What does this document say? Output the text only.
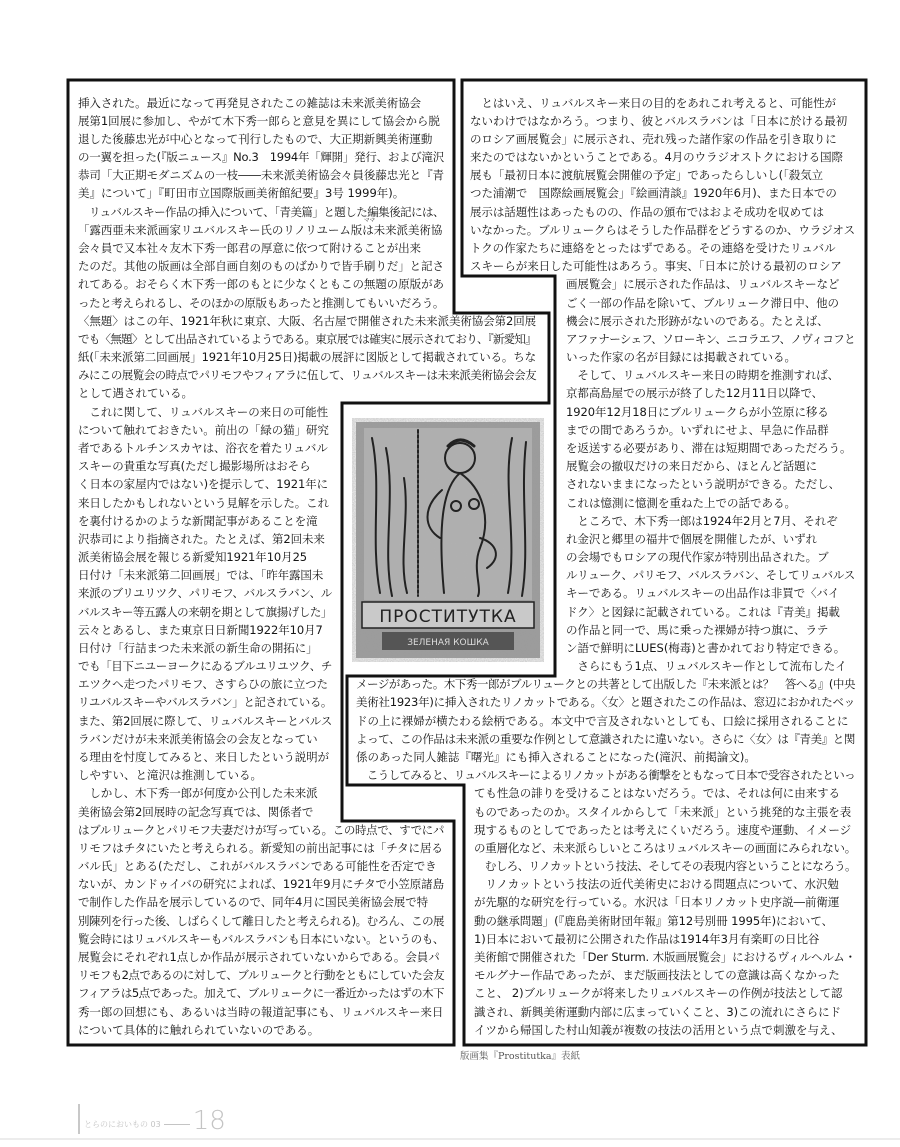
挿入された。最近になって再発見されたこの雑誌は未来派美術協会
展第1回展に参加し、やがて木下秀一郎らと意見を異にして協会から脱
退した後藤忠光が中心となって刊行したもので、大正期新興美術運動
の一翼を担った(『版ニュース』No.3　1994年「輝開」発行、および滝沢
恭司「大正期モダニズムの一枝――未来派美術協会々員後藤忠光と『青
美』について」『町田市立国際版画美術館紀要』3号 1999年)。
　リュバルスキー作品の挿入について、「青美篇」と題した編集後記には、
「露西亜未来派画家リユバルスキー氏のリノリユーム版は未来派美術協
会々員で又本社々友木下秀一郎君の厚意に依つて附けることが出来
たのだ。其他の版画は全部自画自刻のものばかりで皆手刷りだ」と記さ
れてある。おそらく木下秀一郎のもとに少なくともこの無題の原版があ
ったと考えられるし、そのほかの原版もあったと推測してもいいだろう。
〈無題〉はこの年、1921年秋に東京、大阪、名古屋で開催された未来派美術協会第2回展
でも〈無題〉として出品されているようである。東京展では確実に展示されており、『新愛知』
紙(「未来派第二回画展」1921年10月25日)掲載の展評に図版として掲載されている。ちな
みにこの展覧会の時点でパリモフやフィアラに伍して、リュバルスキーは未来派美術協会会友
として遇されている。
　これに関して、リュバルスキーの来日の可能性
について触れておきたい。前出の「緑の猫」研究
者であるトルチンスカヤは、浴衣を着たリュバル
スキーの貴重な写真(ただし撮影場所はおそら
く日本の家屋内ではない)を提示して、1921年に
来日したかもしれないという見解を示した。これ
を裏付けるかのような新聞記事があることを滝
沢恭司により指摘された。たとえば、第2回未来
派美術協会展を報じる新愛知1921年10月25
日付け「未来派第二回画展」では、「昨年露国未
来派のブリユリツク、パリモフ、バルスラバン、ル
バルスキー等五露人の来朝を期として旗揚げした」
云々とあるし、また東京日日新聞1922年10月7
日付け「行詰まつた未来派の新生命の開拓に」
でも「目下ニユーヨークにゐるブルユリユツク、チ
エツクへ走つたパリモフ、さすらひの旅に立つた
リユバルスキーやバルスラバン」と記されている。
また、第2回展に際して、リュバルスキーとバルス
ラバンだけが未来派美術協会の会友となってい
る理由を忖度してみると、来日したという説明が
しやすい、と滝沢は推測している。
　しかし、木下秀一郎が何度か公刊した未来派
美術協会第2回展時の記念写真では、関係者で
はブルリュークとパリモフ夫妻だけが写っている。この時点で、すでにパ
リモフはチタにいたと考えられる。新愛知の前出記事には「チタに居る
バル氏」とある(ただし、これがバルスラバンである可能性を否定でき
ないが、カンドゥイバの研究によれば、1921年9月にチタで小笠原諸島
で制作した作品を展示しているので、同年4月に国民美術協会展で特
別陳列を行った後、しばらくして離日したと考えられる)。むろん、この展
覧会時にはリュバルスキーもバルスラバンも日本にいない。というのも、
展覧会にそれぞれ1点しか作品が展示されていないからである。会員パ
リモフも2点であるのに対して、ブルリュークと行動をともにしていた会友
フィアラは5点であった。加えて、ブルリュークに一番近かったはずの木下
秀一郎の回想にも、あるいは当時の報道記事にも、リュバルスキー来日
について具体的に触れられていないのである。
　とはいえ、リュバルスキー来日の目的をあれこれ考えると、可能性が
ないわけではなかろう。つまり、彼とバルスラバンは「日本に於ける最初
のロシア画展覧会」に展示され、売れ残った諸作家の作品を引き取りに
来たのではないかということである。4月のウラジオストクにおける国際
展も「最初日本に渡航展覧会開催の予定」であったらしいし(「殺気立
つた浦潮で　国際絵画展覧会」『絵画清談』1920年6月)、また日本での
展示は話題性はあったものの、作品の頒布ではおよそ成功を収めては
いなかった。ブルリュークらはそうした作品群をどうするのか、ウラジオス
トクの作家たちに連絡をとったはずである。その連絡を受けたリュバル
スキーらが来日した可能性はあろう。事実、「日本に於ける最初のロシア
画展覧会」に展示された作品は、リュバルスキーなど
ごく一部の作品を除いて、ブルリューク滞日中、他の
機会に展示された形跡がないのである。たとえば、
アファナーシェフ、ソローキン、ニコラエフ、ノヴィコフと
いった作家の名が目録には掲載されている。
　そして、リュバルスキー来日の時期を推測すれば、
京都高島屋での展示が終了した12月11日以降で、
1920年12月18日にブルリュークらが小笠原に移る
までの間であろうか。いずれにせよ、早急に作品群
を返送する必要があり、滞在は短期間であっただろう。
展覧会の撤収だけの来日だから、ほとんど話題に
されないままになったという説明ができる。ただし、
これは憶測に憶測を重ねた上での話である。
　ところで、木下秀一郎は1924年2月と7月、それぞ
れ金沢と郷里の福井で個展を開催したが、いずれ
の会場でもロシアの現代作家が特別出品された。ブ
ルリューク、パリモフ、バルスラバン、そしてリュバルス
キーである。リュバルスキーの出品作は非買で〈バイ
ドク〉と図録に記載されている。これは『青美』掲載
の作品と同一で、馬に乗った裸婦が持つ旗に、ラテ
ン語で鮮明にLUES(梅毒)と書かれており特定できる。
　さらにもう1点、リュバルスキー作として流布したイ
メージがあった。木下秀一郎がブルリュークとの共著として出版した『未来派とは？　答へる』(中央
美術社1923年)に挿入されたリノカットである。〈女〉と題されたこの作品は、窓辺におかれたベッ
ドの上に裸婦が横たわる絵柄である。本文中で言及されないとしても、口絵に採用されることに
よって、この作品は未来派の重要な作例として意識されたに違いない。さらに〈女〉は『青美』と関
係のあった同人雑誌『曙光』にも挿入されることになった(滝沢、前掲論文)。
　こうしてみると、リュバルスキーによるリノカットがある衝撃をともなって日本で受容されたといっ
ても性急の誹りを受けることはないだろう。では、それは何に由来する
ものであったのか。スタイルからして「未来派」という挑発的な主張を表
現するものとしてであったとは考えにくいだろう。速度や運動、イメージ
の重層化など、未来派らしいところはリュバルスキーの画面にみられない。
　むしろ、リノカットという技法、そしてその表現内容ということになろう。
　リノカットという技法の近代美術史における問題点について、水沢勉
が先駆的な研究を行っている。水沢は「日本リノカット史序説―前衛運
動の継承問題」(『鹿島美術財団年報』第12号別冊 1995年)において、
1)日本において最初に公開された作品は1914年3月有楽町の日比谷
美術館で開催された「Der Sturm. 木版画展覧会」におけるヴィルヘルム・
モルグナー作品であったが、まだ版画技法としての意識は高くなかった
こと、 2)ブルリュークが将来したリュバルスキーの作例が技法として認
識され、新興美術運動内部に広まっていくこと、3)この流れにさらにド
イツから帰国した村山知義が複数の技法の活用という点で刺激を与え、
ママ
ПРОСТИТУТКА
ЗЕЛЕНАЯ КОШКА
版画集『Prostitutka』表紙
とらのにおいもの 03 18
